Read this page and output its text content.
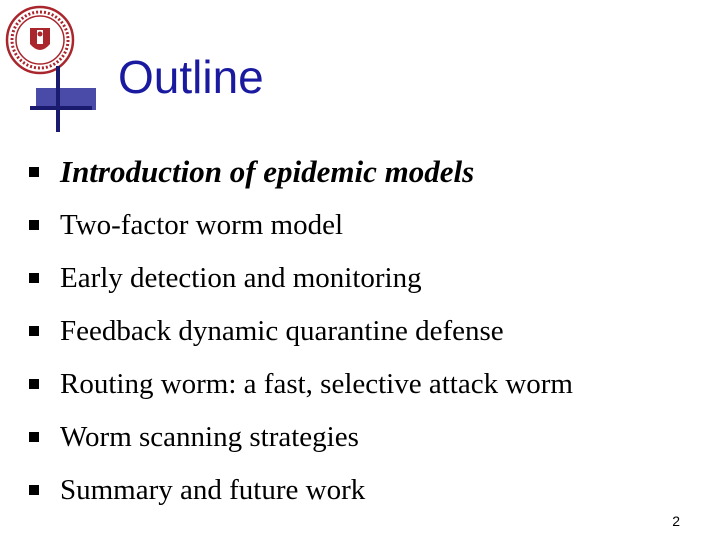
Outline
Introduction of epidemic models
Two-factor worm model
Early detection and monitoring
Feedback dynamic quarantine defense
Routing worm: a fast, selective attack worm
Worm scanning strategies
Summary and future work
2
